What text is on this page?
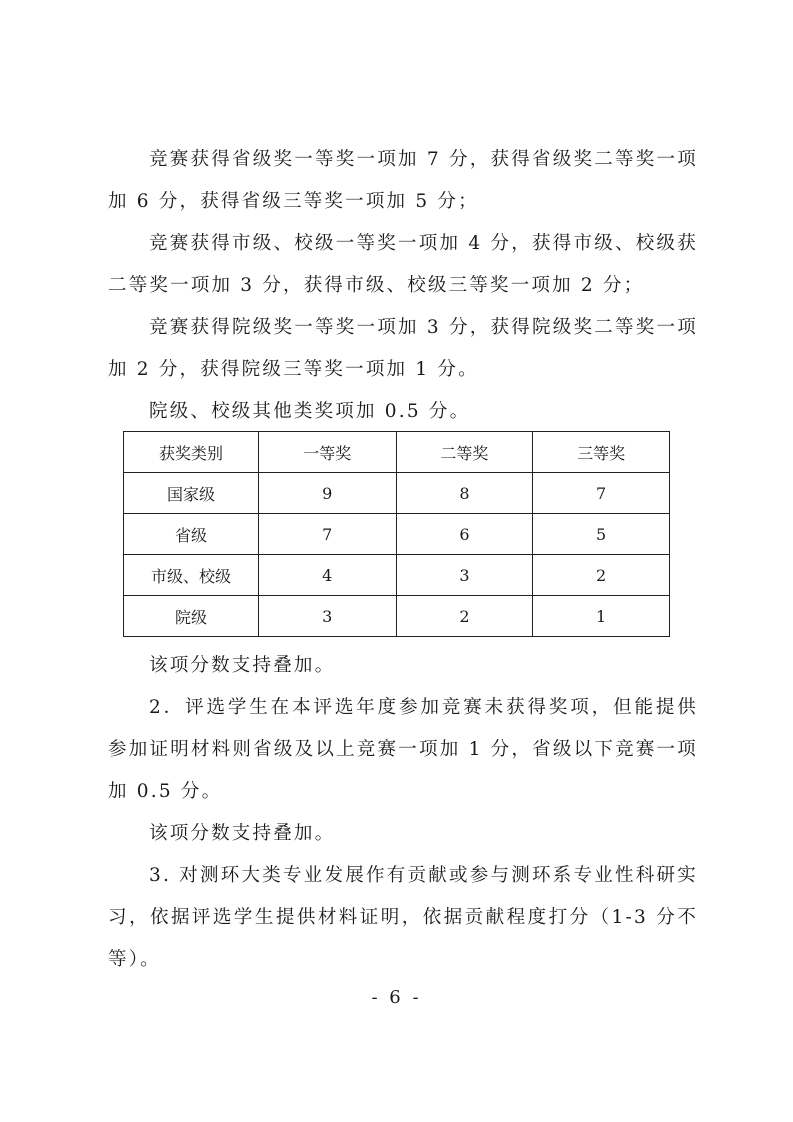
竞赛获得省级奖一等奖一项加 7 分，获得省级奖二等奖一项加 6 分，获得省级三等奖一项加 5 分；

竞赛获得市级、校级一等奖一项加 4 分，获得市级、校级获二等奖一项加 3 分，获得市级、校级三等奖一项加 2 分；

竞赛获得院级奖一等奖一项加 3 分，获得院级奖二等奖一项加 2 分，获得院级三等奖一项加 1 分。

院级、校级其他类奖项加 0.5 分。

获奖类别	一等奖	二等奖	三等奖
国家级	9	8	7
省级	7	6	5
市级、校级	4	3	2
院级	3	2	1

该项分数支持叠加。

2．评选学生在本评选年度参加竞赛未获得奖项，但能提供参加证明材料则省级及以上竞赛一项加 1 分，省级以下竞赛一项加 0.5 分。

该项分数支持叠加。

3. 对测环大类专业发展作有贡献或参与测环系专业性科研实习，依据评选学生提供材料证明，依据贡献程度打分（1-3 分不等）。

- 6 -
